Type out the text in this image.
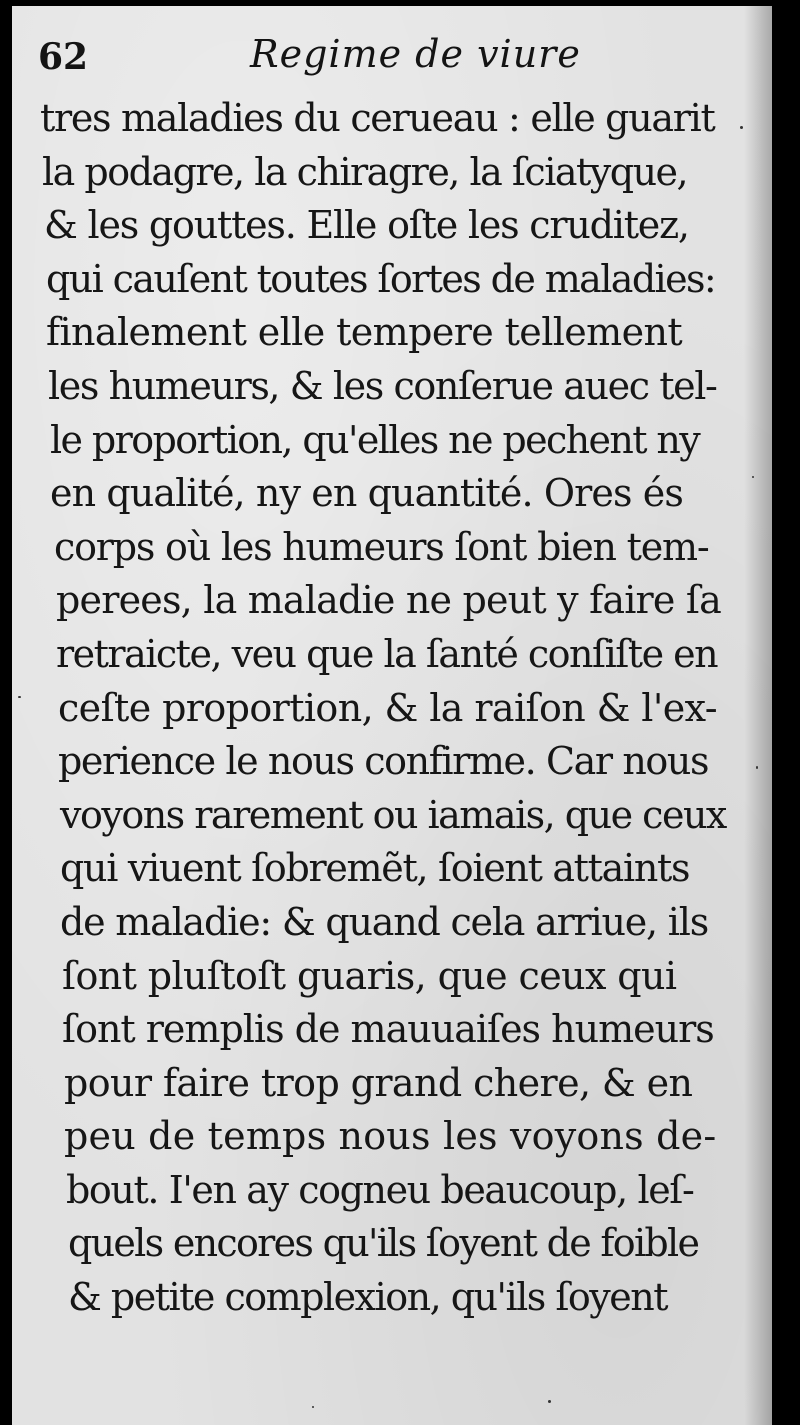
62	Regime de viure
tres maladies du cerueau : elle guarit
la podagre, la chiragre, la ſciatyque,
& les gouttes. Elle oſte les cruditez,
qui cauſent toutes ſortes de maladies:
finalement elle tempere tellement
les humeurs, & les conſerue auec tel-
le proportion, qu'elles ne pechent ny
en qualité, ny en quantité. Ores és
corps où les humeurs ſont bien tem-
perees, la maladie ne peut y faire ſa
retraicte, veu que la ſanté conſiſte en
ceſte proportion, & la raiſon & l'ex-
perience le nous confirme. Car nous
voyons rarement ou iamais, que ceux
qui viuent ſobremẽt, ſoient attaints
de maladie: & quand cela arriue, ils
ſont pluſtoſt guaris, que ceux qui
ſont remplis de mauuaiſes humeurs
pour faire trop grand chere, & en
peu de temps nous les voyons de-
bout. I'en ay cogneu beaucoup, leſ-
quels encores qu'ils ſoyent de foible
& petite complexion, qu'ils ſoyent
